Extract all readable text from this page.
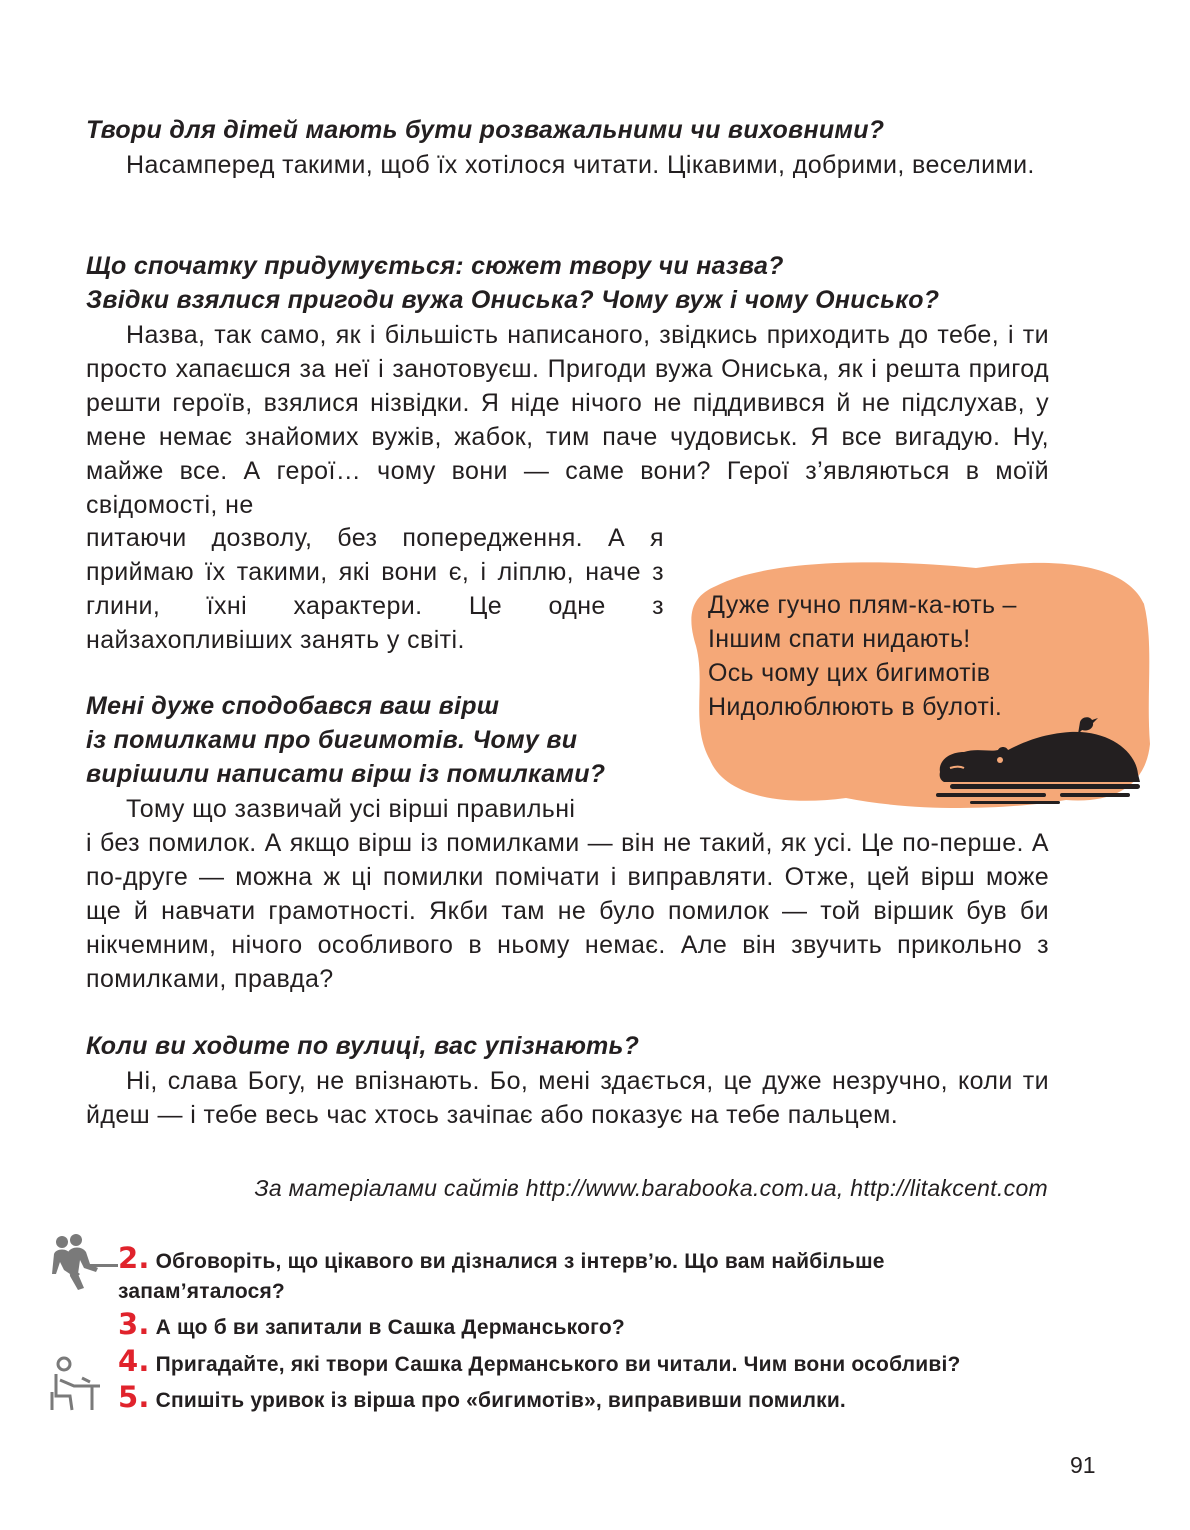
Твори для дітей мають бути розважальними чи виховними?

Насамперед такими, щоб їх хотілося читати. Цікавими, добрими, веселими.

Що спочатку придумується: сюжет твору чи назва?

Звідки взялися пригоди вужа Ониська? Чому вуж і чому Онисько?

Назва, так само, як і більшість написаного, звідкись приходить до тебе, і ти просто хапаєшся за неї і занотовуєш. Пригоди вужа Ониська, як і решта пригод решти героїв, взялися нізвідки. Я ніде нічого не піддивився й не підслухав, у мене немає знайомих вужів, жабок, тим паче чудовиськ. Я все вигадую. Ну, майже все. А герої… чому вони — саме вони? Герої з’являються в моїй свідомості, не

питаючи дозволу, без попередження. А я приймаю їх такими, які вони є, і ліплю, наче з глини, їхні характери. Це одне з найзахопливіших занять у світі.

Дуже гучно плям-ка-ють –
Іншим спати нидають!
Ось чому цих бигимотів
Нидолюблюють в булоті.

Мені дуже сподобався ваш вірш

із помилками про бигимотів. Чому ви

вирішили написати вірш із помилками?

Тому що зазвичай усі вірші правильні

і без помилок. А якщо вірш із помилками — він не такий, як усі. Це по-перше. А по-друге — можна ж ці помилки помічати і виправляти. Отже, цей вірш може ще й навчати грамотності. Якби там не було помилок — той віршик був би нікчемним, нічого особливого в ньому немає. Але він звучить прикольно з помилками, правда?

Коли ви ходите по вулиці, вас упізнають?

Ні, слава Богу, не впізнають. Бо, мені здається, це дуже незручно, коли ти йдеш — і тебе весь час хтось зачіпає або показує на тебе пальцем.

За матеріалами сайтів http://www.barabooka.com.ua, http://litakcent.com

2. Обговоріть, що цікавого ви дізналися з інтерв’ю. Що вам найбільше запам’яталося?
3. А що б ви запитали в Сашка Дерманського?
4. Пригадайте, які твори Сашка Дерманського ви читали. Чим вони особливі?
5. Спишіть уривок із вірша про «бигимотів», виправивши помилки.

91
